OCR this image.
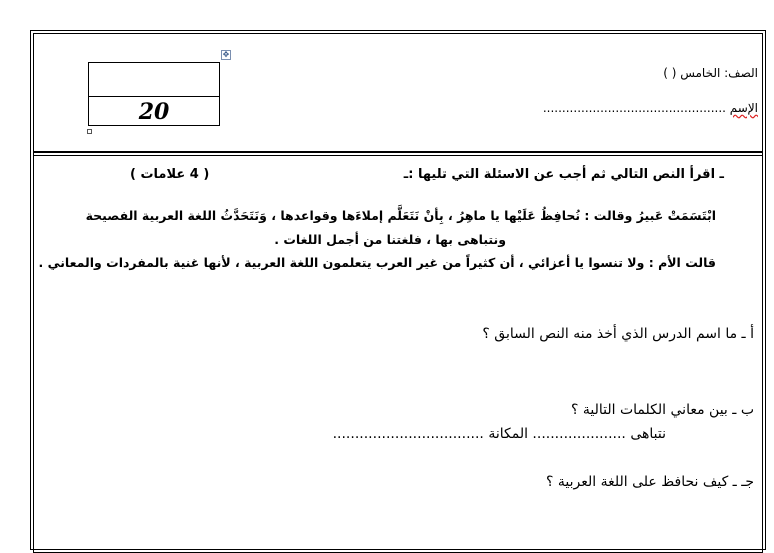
✥
20
الصف: الخامس ( )
الإسم ................................................
ـ اقرأ النص التالي ثم أجب عن الاسئلة التي تليها :ـ
( 4 علامات )
ابْتَسَمَتْ عَبيرُ وقالت : نُحافِظُ عَلَيْها يا ماهِرُ ، بِأنْ نَتَعَلَّم إملاءَها وقواعدها ، وَنَتَحَدَّثُ اللغة العربية الفصيحة
ونتباهى بها ، فلغتنا من أجمل اللغات .
قالت الأم : ولا تنسوا يا أعزائي ، أن كثيراً من غير العرب يتعلمون اللغة العربية ، لأنها غنية بالمفردات والمعاني .
أ ـ ما اسم الدرس الذي أخذ منه النص السابق ؟
ب ـ بين معاني الكلمات التالية ؟
نتباهى ..................... المكانة ..................................
جـ ـ كيف نحافظ على اللغة العربية ؟
